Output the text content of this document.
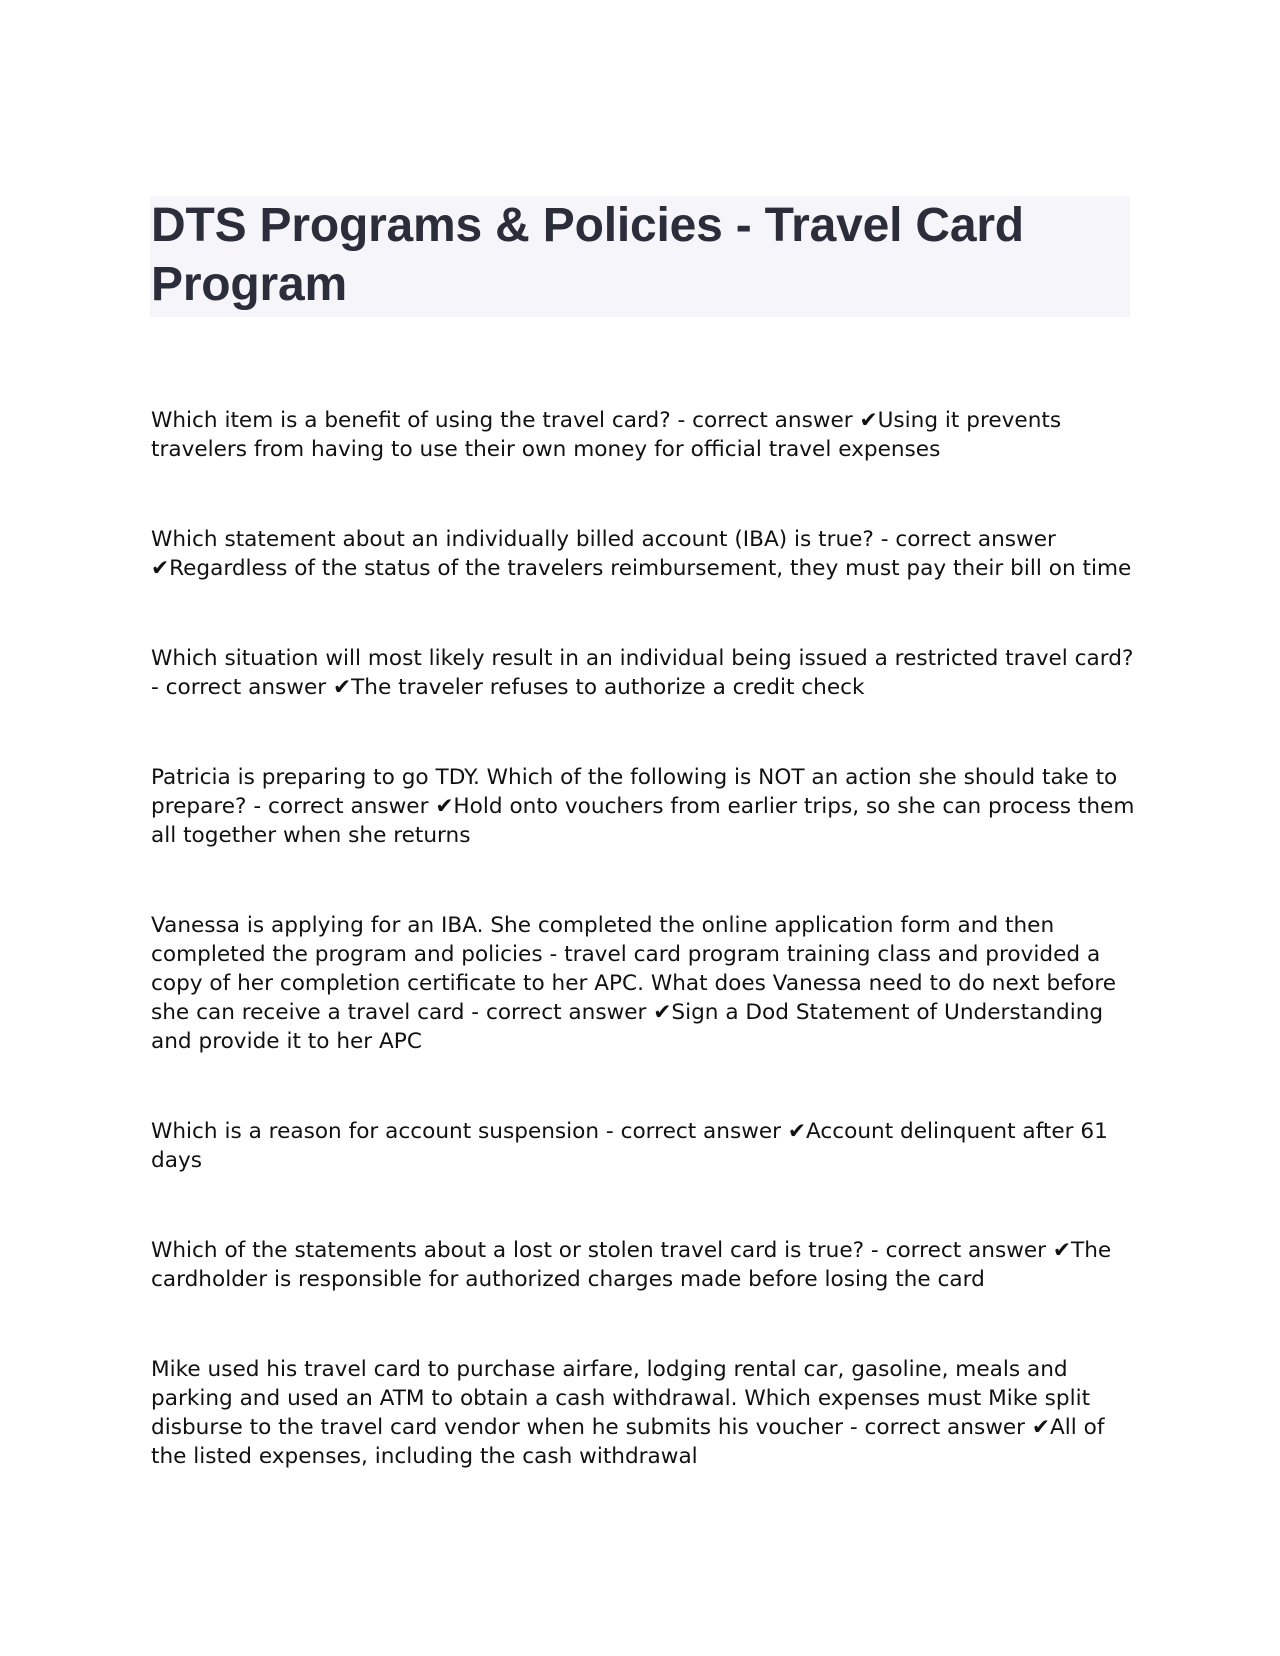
DTS Programs & Policies - Travel Card Program

Which item is a benefit of using the travel card? - correct answer ✔Using it prevents travelers from having to use their own money for official travel expenses

Which statement about an individually billed account (IBA) is true? - correct answer ✔Regardless of the status of the travelers reimbursement, they must pay their bill on time

Which situation will most likely result in an individual being issued a restricted travel card? - correct answer ✔The traveler refuses to authorize a credit check

Patricia is preparing to go TDY. Which of the following is NOT an action she should take to prepare? - correct answer ✔Hold onto vouchers from earlier trips, so she can process them all together when she returns

Vanessa is applying for an IBA. She completed the online application form and then completed the program and policies - travel card program training class and provided a copy of her completion certificate to her APC. What does Vanessa need to do next before she can receive a travel card - correct answer ✔Sign a Dod Statement of Understanding and provide it to her APC

Which is a reason for account suspension - correct answer ✔Account delinquent after 61 days

Which of the statements about a lost or stolen travel card is true? - correct answer ✔The cardholder is responsible for authorized charges made before losing the card

Mike used his travel card to purchase airfare, lodging rental car, gasoline, meals and parking and used an ATM to obtain a cash withdrawal. Which expenses must Mike split disburse to the travel card vendor when he submits his voucher - correct answer ✔All of the listed expenses, including the cash withdrawal
